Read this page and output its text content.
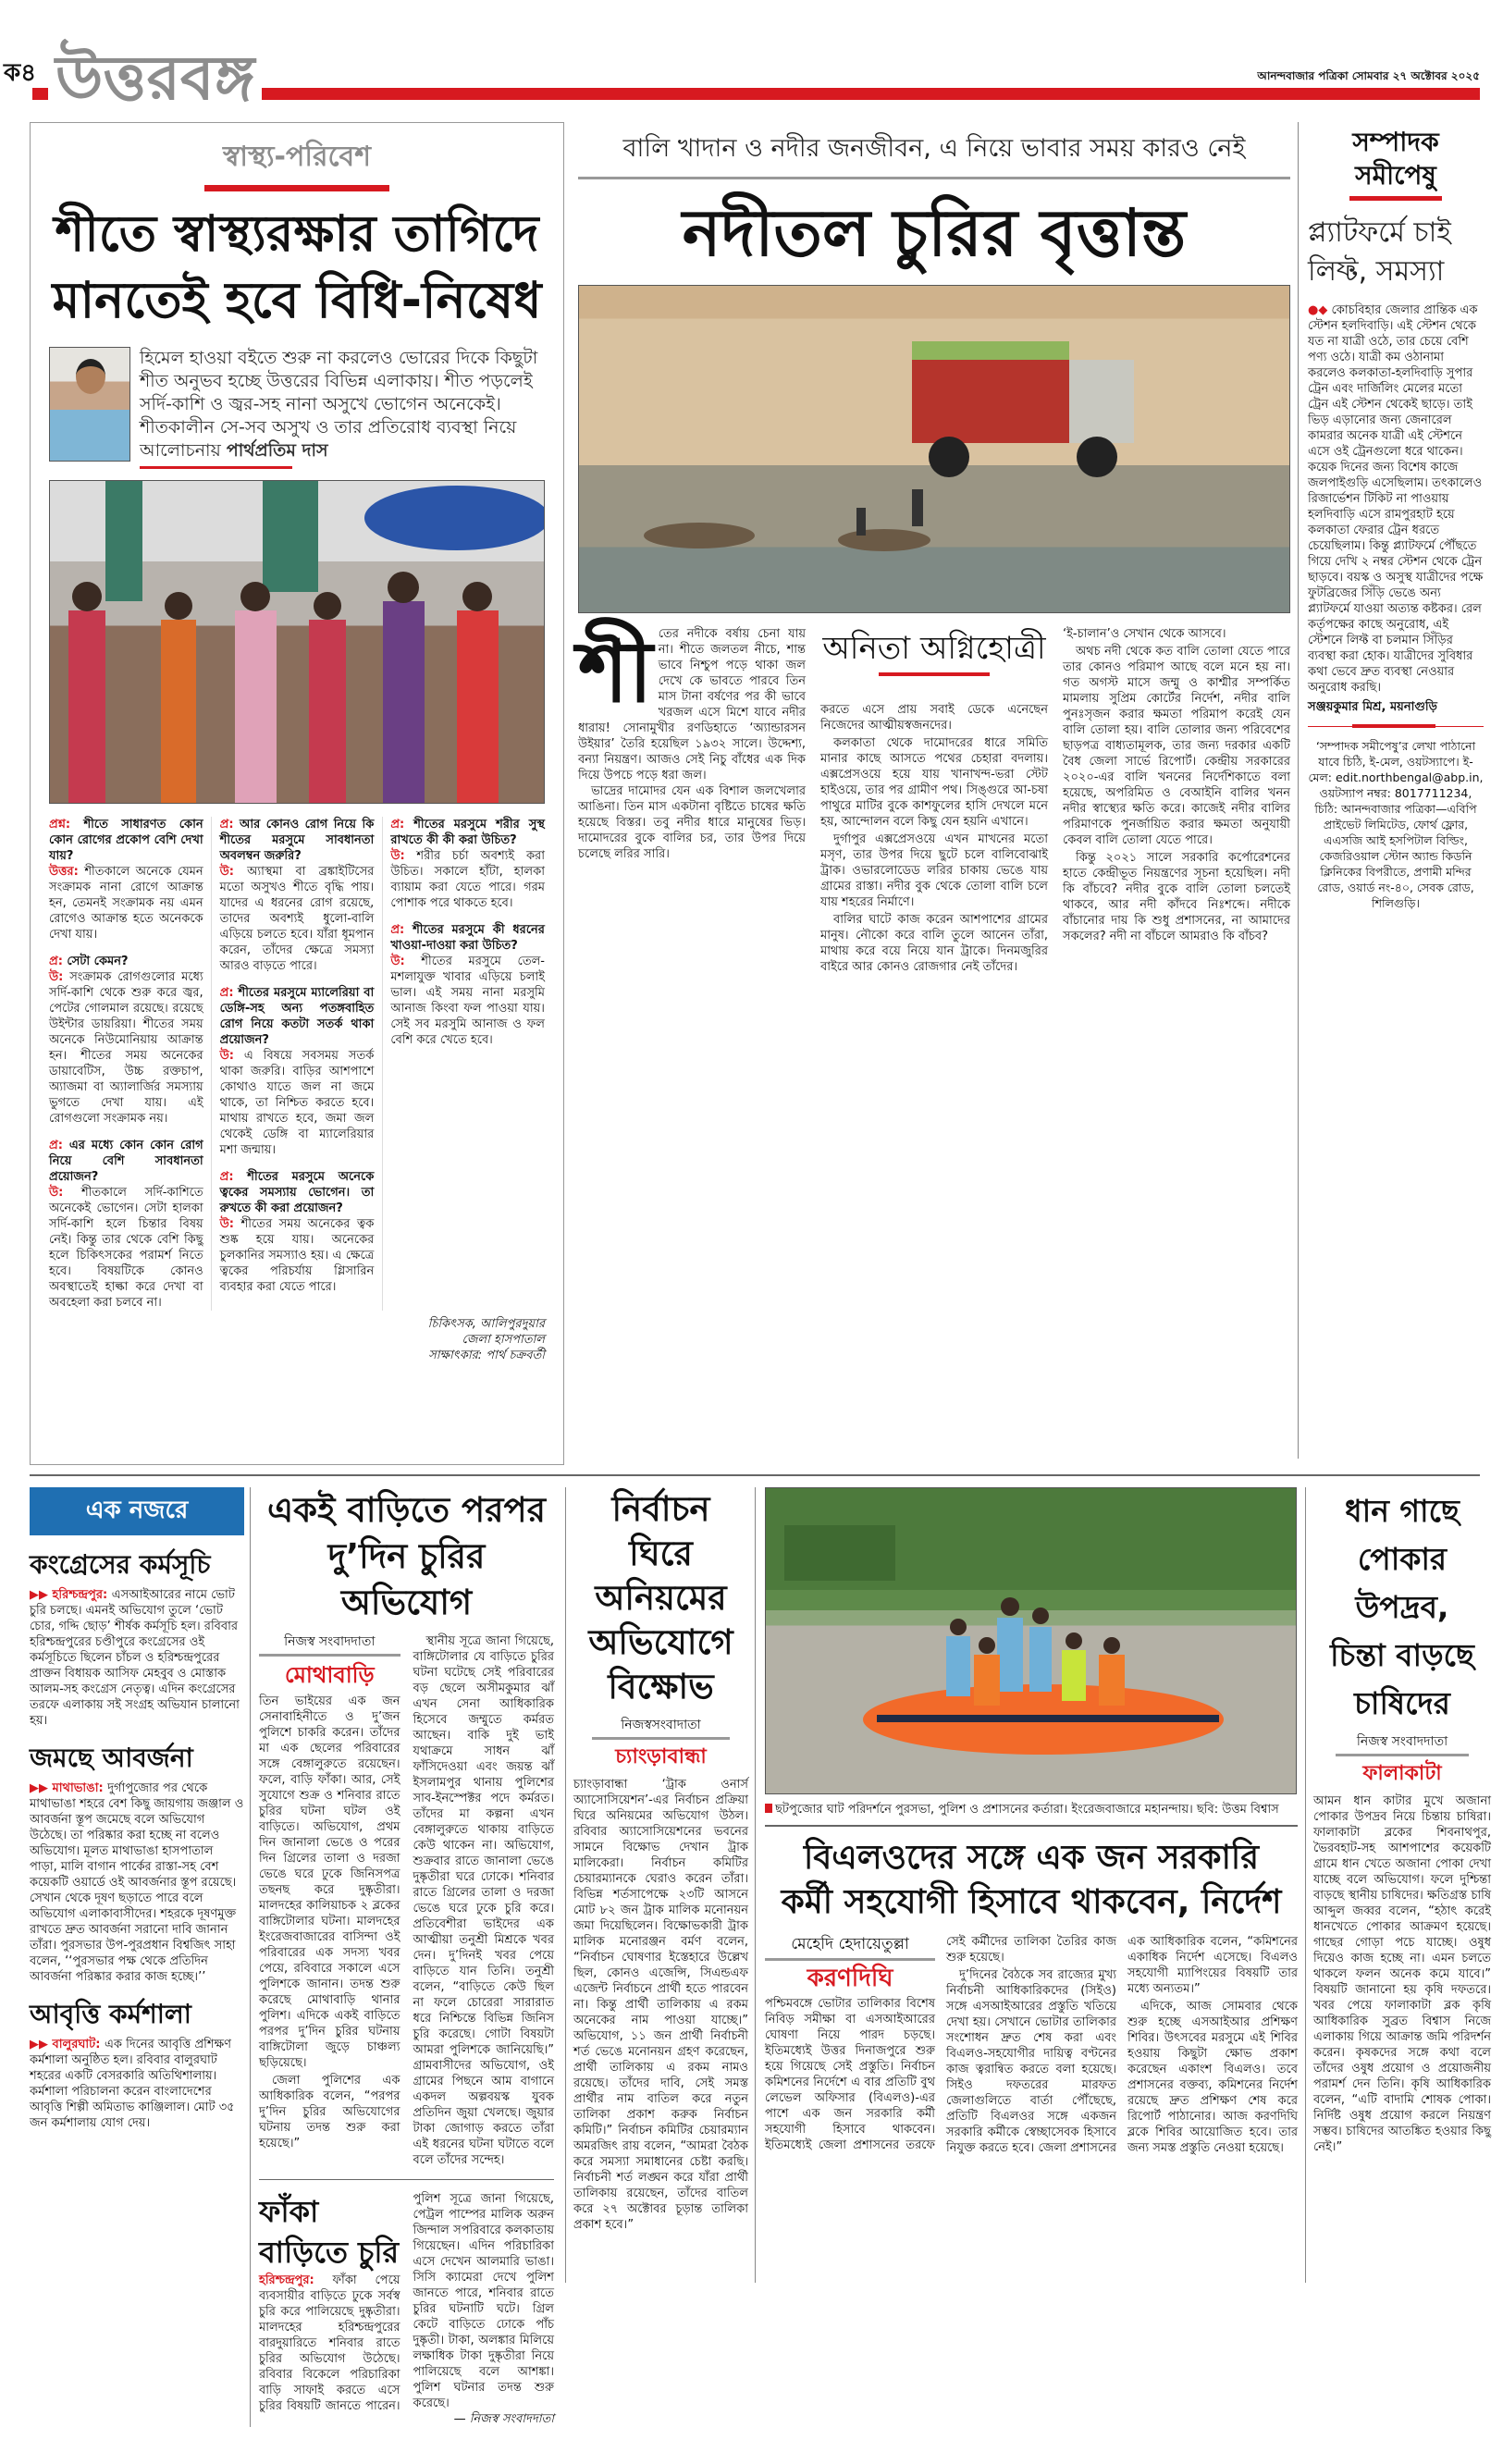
ক৪ উত্তরবঙ্গ	আনন্দবাজার পত্রিকা সোমবার ২৭ অক্টোবর ২০২৫
স্বাস্থ্য-পরিবেশ
শীতে স্বাস্থ্যরক্ষার তাগিদে
মানতেই হবে বিধি-নিষেধ
হিমেল হাওয়া বইতে শুরু না করলেও ভোরের দিকে কিছুটা শীত অনুভব হচ্ছে উত্তরের বিভিন্ন এলাকায়। শীত পড়লেই সর্দি-কাশি ও জ্বর-সহ নানা অসুখে ভোগেন অনেকেই। শীতকালীন সে-সব অসুখ ও তার প্রতিরোধ ব্যবস্থা নিয়ে আলোচনায় পার্থপ্রতিম দাস
প্রশ্ন: শীতে সাধারণত কোন কোন রোগের প্রকোপ বেশি দেখা যায়?
উত্তর: শীতকালে অনেকে যেমন সংক্রামক নানা রোগে আক্রান্ত হন, তেমনই সংক্রামক নয় এমন রোগেও আক্রান্ত হতে অনেককে দেখা যায়।
প্র: সেটা কেমন?
উ: সংক্রামক রোগগুলোর মধ্যে সর্দি-কাশি থেকে শুরু করে জ্বর, পেটের গোলমাল রয়েছে। রয়েছে উইন্টার ডায়রিয়া। শীতের সময় অনেকে নিউমোনিয়ায় আক্রান্ত হন। শীতের সময় অনেকের ডায়াবেটিস, উচ্চ রক্তচাপ, অ্যাজমা বা অ্যালার্জির সমস্যায় ভুগতে দেখা যায়। এই রোগগুলো সংক্রামক নয়।
প্র: এর মধ্যে কোন কোন রোগ নিয়ে বেশি সাবধানতা প্রয়োজন?
উ: শীতকালে সর্দি-কাশিতে অনেকেই ভোগেন। সেটা হালকা সর্দি-কাশি হলে চিন্তার বিষয় নেই। কিন্তু তার থেকে বেশি কিছু হলে চিকিৎসকের পরামর্শ নিতে হবে। বিষয়টিকে কোনও অবস্থাতেই হাল্কা করে দেখা বা অবহেলা করা চলবে না।
প্র: আর কোনও রোগ নিয়ে কি শীতের মরসুমে সাবধানতা অবলম্বন জরুরি?
উ: অ্যাস্থমা বা ব্রঙ্কাইটিসের মতো অসুখও শীতে বৃদ্ধি পায়। যাদের এ ধরনের রোগ রয়েছে, তাদের অবশ্যই ধুলো-বালি এড়িয়ে চলতে হবে। যাঁরা ধূমপান করেন, তাঁদের ক্ষেত্রে সমস্যা আরও বাড়তে পারে।
প্র: শীতের মরসুমে ম্যালেরিয়া বা ডেঙ্গি-সহ অন্য পতঙ্গবাহিত রোগ নিয়ে কতটা সতর্ক থাকা প্রয়োজন?
উ: এ বিষয়ে সবসময় সতর্ক থাকা জরুরি। বাড়ির আশপাশে কোথাও যাতে জল না জমে থাকে, তা নিশ্চিত করতে হবে। মাথায় রাখতে হবে, জমা জল থেকেই ডেঙ্গি বা ম্যালেরিয়ার মশা জন্মায়।
প্র: শীতের মরসুমে অনেকে ত্বকের সমস্যায় ভোগেন। তা রুখতে কী করা প্রয়োজন?
উ: শীতের সময় অনেকের ত্বক শুষ্ক হয়ে যায়। অনেকের চুলকানির সমস্যাও হয়। এ ক্ষেত্রে ত্বকের পরিচর্যায় গ্লিসারিন ব্যবহার করা যেতে পারে।
প্র: শীতের মরসুমে শরীর সুস্থ রাখতে কী কী করা উচিত?
উ: শরীর চর্চা অবশ্যই করা উচিত। সকালে হাঁটা, হালকা ব্যায়াম করা যেতে পারে। গরম পোশাক পরে থাকতে হবে।
প্র: শীতের মরসুমে কী ধরনের খাওয়া-দাওয়া করা উচিত?
উ: শীতের মরসুমে তেল-মশলাযুক্ত খাবার এড়িয়ে চলাই ভাল। এই সময় নানা মরসুমি আনাজ কিংবা ফল পাওয়া যায়। সেই সব মরসুমি আনাজ ও ফল বেশি করে খেতে হবে।
চিকিৎসক, আলিপুরদুয়ার
জেলা হাসপাতাল
সাক্ষাৎকার: পার্থ চক্রবর্তী
বালি খাদান ও নদীর জনজীবন, এ নিয়ে ভাবার সময় কারও নেই
নদীতল চুরির বৃত্তান্ত
শী তের নদীকে বর্ষায় চেনা যায় না। শীতে জলতল নীচে, শান্ত ভাবে নিশ্চুপ পড়ে থাকা জল দেখে কে ভাবতে পারবে তিন মাস টানা বর্ষণের পর কী ভাবে খরজল এসে মিশে যাবে নদীর ধারায়! সোনামুখীর রণডিহাতে ‘অ্যান্ডারসন উইয়ার’ তৈরি হয়েছিল ১৯৩২ সালে। উদ্দেশ্য, বন্যা নিয়ন্ত্রণ। আজও সেই নিচু বাঁধের এক দিক দিয়ে উপচে পড়ে ধরা জল।

ভাদ্রের দামোদর যেন এক বিশাল জলখেলার আঙিনা। তিন মাস একটানা বৃষ্টিতে চাষের ক্ষতি হয়েছে বিস্তর। তবু নদীর ধারে মানুষের ভিড়। দামোদরের বুকে বালির চর, তার উপর দিয়ে চলেছে লরির সারি।

অনিতা অগ্নিহোত্রী

করতে এসে প্রায় সবাই ডেকে এনেছেন নিজেদের আত্মীয়স্বজনদের।

কলকাতা থেকে দামোদরের ধারে সমিতি মানার কাছে আসতে পথের চেহারা বদলায়। এক্সপ্রেসওয়ে হয়ে যায় খানাখন্দ-ভরা স্টেট হাইওয়ে, তার পর গ্রামীণ পথ। সিঙ্গুরে আ-চষা পাথুরে মাটির বুকে কাশফুলের হাসি দেখলে মনে হয়, আন্দোলন বলে কিছু যেন হয়নি এখানে।

দুর্গাপুর এক্সপ্রেসওয়ে এখন মাখনের মতো মসৃণ, তার উপর দিয়ে ছুটে চলে বালিবোঝাই ট্রাক। ওভারলোডেড লরির চাকায় ভেঙে যায় গ্রামের রাস্তা। নদীর বুক থেকে তোলা বালি চলে যায় শহরের নির্মাণে।

বালির ঘাটে কাজ করেন আশপাশের গ্রামের মানুষ। নৌকো করে বালি তুলে আনেন তাঁরা, মাথায় করে বয়ে নিয়ে যান ট্রাকে। দিনমজুরির বাইরে আর কোনও রোজগার নেই তাঁদের।

‘ই-চালান’ও সেখান থেকে আসবে।

অথচ নদী থেকে কত বালি তোলা যেতে পারে তার কোনও পরিমাপ আছে বলে মনে হয় না। গত অগস্ট মাসে জম্মু ও কাশ্মীর সম্পর্কিত মামলায় সুপ্রিম কোর্টের নির্দেশ, নদীর বালি পুনঃসৃজন করার ক্ষমতা পরিমাপ করেই যেন বালি তোলা হয়। বালি তোলার জন্য পরিবেশের ছাড়পত্র বাধ্যতামূলক, তার জন্য দরকার একটি বৈধ জেলা সার্ভে রিপোর্ট। কেন্দ্রীয় সরকারের ২০২০-এর বালি খননের নির্দেশিকাতে বলা হয়েছে, অপরিমিত ও বেআইনি বালির খনন নদীর স্বাস্থ্যের ক্ষতি করে। কাজেই নদীর বালির পরিমাণকে পুনর্জায়িত করার ক্ষমতা অনুযায়ী কেবল বালি তোলা যেতে পারে।

কিন্তু ২০২১ সালে সরকারি কর্পোরেশনের হাতে কেন্দ্রীভূত নিয়ন্ত্রণের সূচনা হয়েছিল। নদী কি বাঁচবে? নদীর বুকে বালি তোলা চলতেই থাকবে, আর নদী কাঁদবে নিঃশব্দে। নদীকে বাঁচানোর দায় কি শুধু প্রশাসনের, না আমাদের সকলের? নদী না বাঁচলে আমরাও কি বাঁচব?

সম্পাদক
সমীপেষু
প্ল্যাটফর্মে চাই লিফ্ট, সমস্যা
●◆ কোচবিহার জেলার প্রান্তিক এক স্টেশন হলদিবাড়ি। এই স্টেশন থেকে যত না যাত্রী ওঠে, তার চেয়ে বেশি পণ্য ওঠে। যাত্রী কম ওঠানামা করলেও কলকাতা-হলদিবাড়ি সুপার ট্রেন এবং দার্জিলিং মেলের মতো ট্রেন এই স্টেশন থেকেই ছাড়ে। তাই ভিড় এড়ানোর জন্য জেনারেল কামরার অনেক যাত্রী এই স্টেশনে এসে ওই ট্রেনগুলো ধরে থাকেন। কয়েক দিনের জন্য বিশেষ কাজে জলপাইগুড়ি এসেছিলাম। তৎকালেও রিজার্ভেশন টিকিট না পাওয়ায় হলদিবাড়ি এসে রামপুরহাট হয়ে কলকাতা ফেরার ট্রেন ধরতে চেয়েছিলাম। কিন্তু প্ল্যাটফর্মে পৌঁছতে গিয়ে দেখি ২ নম্বর স্টেশন থেকে ট্রেন ছাড়বে। বয়স্ক ও অসুস্থ যাত্রীদের পক্ষে ফুটব্রিজের সিঁড়ি ভেঙে অন্য প্ল্যাটফর্মে যাওয়া অত্যন্ত কষ্টকর। রেল কর্তৃপক্ষের কাছে অনুরোধ, এই স্টেশনে লিফ্ট বা চলমান সিঁড়ির ব্যবস্থা করা হোক। যাত্রীদের সুবিধার কথা ভেবে দ্রুত ব্যবস্থা নেওয়ার অনুরোধ করছি।
সঞ্জয়কুমার মিশ্র, ময়নাগুড়ি
‘সম্পাদক সমীপেষু’র লেখা পাঠানো যাবে চিঠি, ই-মেল, ওয়টস্যাপে। ই-মেল: edit.northbengal@abp.in, ওয়টস্যাপ নম্বর: 8017711234, চিঠি: আনন্দবাজার পত্রিকা—এবিপি প্রাইভেট লিমিটেড, ফোর্থ ফ্লোর, এএসজি আই হসপিটাল বিল্ডিং, কেজরিওয়াল স্টোন অ্যান্ড কিডনি ক্লিনিকের বিপরীতে, প্রণামী মন্দির রোড, ওয়ার্ড নং-৪০, সেবক রোড, শিলিগুড়ি।
এক নজরে
কংগ্রেসের কর্মসূচি
▶▶ হরিশ্চন্দ্রপুর: এসআইআরের নামে ভোট চুরি চলছে। এমনই অভিযোগ তুলে ‘ভোট চোর, গদ্দি ছোড়’ শীর্ষক কর্মসূচি হল। রবিবার হরিশ্চন্দ্রপুরের চণ্ডীপুরে কংগ্রেসের ওই কর্মসূচিতে ছিলেন চাঁচল ও হরিশ্চন্দ্রপুরের প্রাক্তন বিধায়ক আসিফ মেহবুব ও মোস্তাক আলম-সহ কংগ্রেস নেতৃত্ব। এদিন কংগ্রেসের তরফে এলাকায় সই সংগ্রহ অভিযান চালানো হয়।
জমছে আবর্জনা
▶▶ মাথাভাঙা: দুর্গাপুজোর পর থেকে মাথাভাঙা শহরে বেশ কিছু জায়গায় জঞ্জাল ও আবর্জনা স্তূপ জমেছে বলে অভিযোগ উঠেছে। তা পরিষ্কার করা হচ্ছে না বলেও অভিযোগ। মূলত মাথাভাঙা হাসপাতাল পাড়া, মালি বাগান পার্কের রাস্তা-সহ বেশ কয়েকটি ওয়ার্ডে ওই আবর্জনার স্তূপ রয়েছে। সেখান থেকে দূষণ ছড়াতে পারে বলে অভিযোগ এলাকাবাসীদের। শহরকে দূষণমুক্ত রাখতে দ্রুত আবর্জনা সরানো দাবি জানান তাঁরা। পুরসভার উপ-পুরপ্রধান বিশ্বজিৎ সাহা বলেন, ‘‘পুরসভার পক্ষ থেকে প্রতিদিন আবর্জনা পরিষ্কার করার কাজ হচ্ছে।’’
আবৃত্তি কর্মশালা
▶▶ বালুরঘাট: এক দিনের আবৃত্তি প্রশিক্ষণ কর্মশালা অনুষ্ঠিত হল। রবিবার বালুরঘাট শহরের একটি বেসরকারি অতিথিশালায়। কর্মশালা পরিচালনা করেন বাংলাদেশের আবৃত্তি শিল্পী অমিতাভ কাঞ্জিলাল। মোট ৩৫ জন কর্মশালায় যোগ দেয়।
একই বাড়িতে পরপর
দু’দিন চুরির অভিযোগ
নিজস্ব সংবাদদাতা
মোথাবাড়ি

তিন ভাইয়ের এক জন সেনাবাহিনীতে ও দু’জন পুলিশে চাকরি করেন। তাঁদের মা এক ছেলের পরিবারের সঙ্গে বেঙ্গালুরুতে রয়েছেন। ফলে, বাড়ি ফাঁকা। আর, সেই সুযোগে শুক্র ও শনিবার রাতে চুরির ঘটনা ঘটল ওই বাড়িতে। অভিযোগ, প্রথম দিন জানালা ভেঙে ও পরের দিন গ্রিলের তালা ও দরজা ভেঙে ঘরে ঢুকে জিনিসপত্র তছনছ করে দুষ্কৃতীরা। মালদহের কালিয়াচক ২ ব্লকের বাঙ্গিটোলার ঘটনা। মালদহের ইংরেজবাজারের বাসিন্দা ওই পরিবারের এক সদস্য খবর পেয়ে, রবিবারে সকালে এসে পুলিশকে জানান। তদন্ত শুরু করেছে মোথাবাড়ি থানার পুলিশ। এদিকে একই বাড়িতে পরপর দু’দিন চুরির ঘটনায় বাঙ্গিটোলা জুড়ে চাঞ্চল্য ছড়িয়েছে।

জেলা পুলিশের এক আধিকারিক বলেন, “পরপর দু’দিন চুরির অভিযোগের ঘটনায় তদন্ত শুরু করা হয়েছে।”

স্থানীয় সূত্রে জানা গিয়েছে, বাঙ্গিটোলার যে বাড়িতে চুরির ঘটনা ঘটেছে সেই পরিবারের বড় ছেলে অসীমকুমার ঝাঁ এখন সেনা আধিকারিক হিসেবে জম্মুতে কর্মরত আছেন। বাকি দুই ভাই যথাক্রমে সাধন ঝাঁ ফাঁসিদেওয়া এবং জয়ন্ত ঝাঁ ইসলামপুর থানায় পুলিশের সাব-ইনস্পেক্টর পদে কর্মরত। তাঁদের মা কল্পনা এখন বেঙ্গালুরুতে থাকায় বাড়িতে কেউ থাকেন না। অভিযোগ, শুক্রবার রাতে জানালা ভেঙে দুষ্কৃতীরা ঘরে ঢোকে। শনিবার রাতে গ্রিলের তালা ও দরজা ভেঙে ঘরে ঢুকে চুরি করে। প্রতিবেশীরা ভাইদের এক আত্মীয়া তনুশ্রী মিশ্রকে খবর দেন। দু’দিনই খবর পেয়ে বাড়িতে যান তিনি। তনুশ্রী বলেন, “বাড়িতে কেউ ছিল না ফলে চোরেরা সারারাত ধরে নিশ্চিন্তে বিভিন্ন জিনিস চুরি করেছে। গোটা বিষয়টা আমরা পুলিশকে জানিয়েছি।” গ্রামবাসীদের অভিযোগ, ওই গ্রামের পিছনে আম বাগানে একদল অল্পবয়স্ক যুবক প্রতিদিন জুয়া খেলছে। জুয়ার টাকা জোগাড় করতে তাঁরা এই ধরনের ঘটনা ঘটাতে বলে বলে তাঁদের সন্দেহ।

ফাঁকা বাড়িতে চুরি
হরিশ্চন্দ্রপুর: ফাঁকা পেয়ে ব্যবসায়ীর বাড়িতে ঢুকে সর্বস্ব চুরি করে পালিয়েছে দুষ্কৃতীরা। মালদহের হরিশ্চন্দ্রপুরের বারদুয়ারিতে শনিবার রাতে চুরির অভিযোগ উঠেছে। রবিবার বিকেলে পরিচারিকা বাড়ি সাফাই করতে এসে চুরির বিষয়টি জানতে পারেন। পুলিশ সূত্রে জানা গিয়েছে, পেট্রল পাম্পের মালিক অরুন জিন্দাল সপরিবারে কলকাতায় গিয়েছেন। এদিন পরিচারিকা এসে দেখেন আলমারি ভাঙা। সিসি ক্যামেরা দেখে পুলিশ জানতে পারে, শনিবার রাতে চুরির ঘটনাটি ঘটে। গ্রিল কেটে বাড়িতে ঢোকে পাঁচ দুষ্কৃতী। টাকা, অলঙ্কার মিলিয়ে লক্ষাধিক টাকা দুষ্কৃতীরা নিয়ে পালিয়েছে বলে আশঙ্কা। পুলিশ ঘটনার তদন্ত শুরু করেছে।
— নিজস্ব সংবাদদাতা
নির্বাচন
ঘিরে
অনিয়মের
অভিযোগে
বিক্ষোভ
নিজস্বসংবাদাতা
চ্যাংড়াবান্ধা
চ্যাংড়াবান্ধা ‘ট্রাক ওনার্স অ্যাসোসিয়েশন’-এর নির্বাচন প্রক্রিয়া ঘিরে অনিয়মের অভিযোগ উঠল। রবিবার অ্যাসোসিয়েশনের ভবনের সামনে বিক্ষোভ দেখান ট্রাক মালিকেরা। নির্বাচন কমিটির চেয়ারম্যানকে ঘেরাও করেন তাঁরা। বিভিন্ন শর্তসাপেক্ষে ২৩টি আসনে মোট ৮২ জন ট্রাক মালিক মনোনয়ন জমা দিয়েছিলেন। বিক্ষোভকারী ট্রাক মালিক মনোরঞ্জন বর্মণ বলেন, “নির্বাচন ঘোষণার ইস্তেহারে উল্লেখ ছিল, কোনও এজেন্সি, সিএন্ডএফ এজেন্ট নির্বাচনে প্রার্থী হতে পারবেন না। কিন্তু প্রার্থী তালিকায় এ রকম অনেকের নাম পাওয়া যাচ্ছে।” অভিযোগ, ১১ জন প্রার্থী নির্বাচনী শর্ত ভেঙে মনোনয়ন গ্রহণ করেছেন, প্রার্থী তালিকায় এ রকম নামও রয়েছে। তাঁদের দাবি, সেই সমস্ত প্রার্থীর নাম বাতিল করে নতুন তালিকা প্রকাশ করুক নির্বাচন কমিটি।” নির্বাচন কমিটির চেয়ারম্যান অমরজিৎ রায় বলেন, “আমরা বৈঠক করে সমস্যা সমাধানের চেষ্টা করছি। নির্বাচনী শর্ত লঙ্ঘন করে যাঁরা প্রার্থী তালিকায় রয়েছেন, তাঁদের বাতিল করে ২৭ অক্টোবর চূড়ান্ত তালিকা প্রকাশ হবে।”
ছটপুজোর ঘাট পরিদর্শনে পুরসভা, পুলিশ ও প্রশাসনের কর্তারা। ইংরেজবাজারে মহানন্দায়। ছবি: উত্তম বিশ্বাস
বিএলওদের সঙ্গে এক জন সরকারি
কর্মী সহযোগী হিসাবে থাকবেন, নির্দেশ
মেহেদি হেদায়েতুল্লা
করণদিঘি

পশ্চিমবঙ্গে ভোটার তালিকার বিশেষ নিবিড় সমীক্ষা বা এসআইআরের ঘোষণা নিয়ে পারদ চড়ছে। ইতিমধ্যেই উত্তর দিনাজপুরে শুরু হয়ে গিয়েছে সেই প্রস্তুতি। নির্বাচন কমিশনের নির্দেশে এ বার প্রতিটি বুথ লেভেল অফিসার (বিএলও)-এর পাশে এক জন সরকারি কর্মী সহযোগী হিসাবে থাকবেন। ইতিমধ্যেই জেলা প্রশাসনের তরফে সেই কর্মীদের তালিকা তৈরির কাজ শুরু হয়েছে।

দু’দিনের বৈঠকে সব রাজ্যের মুখ্য নির্বাচনী আধিকারিকদের (সিইও) সঙ্গে এসআইআরের প্রস্তুতি খতিয়ে দেখা হয়। সেখানে ভোটার তালিকার সংশোধন দ্রুত শেষ করা এবং বিএলও-সহযোগীর দায়িত্ব বণ্টনের কাজ ত্বরান্বিত করতে বলা হয়েছে। সিইও দফতরের মারফত জেলাগুলিতে বার্তা পৌঁছেছে, প্রতিটি বিএলওর সঙ্গে একজন সরকারি কর্মীকে স্বেচ্ছাসেবক হিসাবে নিযুক্ত করতে হবে। জেলা প্রশাসনের এক আধিকারিক বলেন, “কমিশনের একাধিক নির্দেশ এসেছে। বিএলও সহযোগী ম্যাপিংয়ের বিষয়টি তার মধ্যে অন্যতম।”

এদিকে, আজ সোমবার থেকে শুরু হচ্ছে এসআইআর প্রশিক্ষণ শিবির। উৎসবের মরসুমে এই শিবির হওয়ায় কিছুটা ক্ষোভ প্রকাশ করেছেন একাংশ বিএলও। তবে প্রশাসনের বক্তব্য, কমিশনের নির্দেশ রয়েছে দ্রুত প্রশিক্ষণ শেষ করে রিপোর্ট পাঠানোর। আজ করণদিঘি ব্লকে শিবির আয়োজিত হবে। তার জন্য সমস্ত প্রস্তুতি নেওয়া হয়েছে।

ধান গাছে
পোকার
উপদ্রব,
চিন্তা বাড়ছে
চাষিদের
নিজস্ব সংবাদদাতা
ফালাকাটা
আমন ধান কাটার মুখে অজানা পোকার উপদ্রব নিয়ে চিন্তায় চাষিরা। ফালাকাটা ব্লকের শিবনাথপুর, ভৈরবহাট-সহ আশপাশের কয়েকটি গ্রামে ধান খেতে অজানা পোকা দেখা যাচ্ছে বলে অভিযোগ। ফলে দুশ্চিন্তা বাড়ছে স্থানীয় চাষিদের। ক্ষতিগ্রস্ত চাষি আব্দুল জব্বর বলেন, “হঠাৎ করেই ধানখেতে পোকার আক্রমণ হয়েছে। গাছের গোড়া পচে যাচ্ছে। ওষুধ দিয়েও কাজ হচ্ছে না। এমন চলতে থাকলে ফলন অনেক কমে যাবে।” বিষয়টি জানানো হয় কৃষি দফতরে। খবর পেয়ে ফালাকাটা ব্লক কৃষি আধিকারিক সুব্রত বিশ্বাস নিজে এলাকায় গিয়ে আক্রান্ত জমি পরিদর্শন করেন। কৃষকদের সঙ্গে কথা বলে তাঁদের ওষুধ প্রয়োগ ও প্রয়োজনীয় পরামর্শ দেন তিনি। কৃষি আধিকারিক বলেন, “এটি বাদামি শোষক পোকা। নির্দিষ্ট ওষুধ প্রয়োগ করলে নিয়ন্ত্রণ সম্ভব। চাষিদের আতঙ্কিত হওয়ার কিছু নেই।”
